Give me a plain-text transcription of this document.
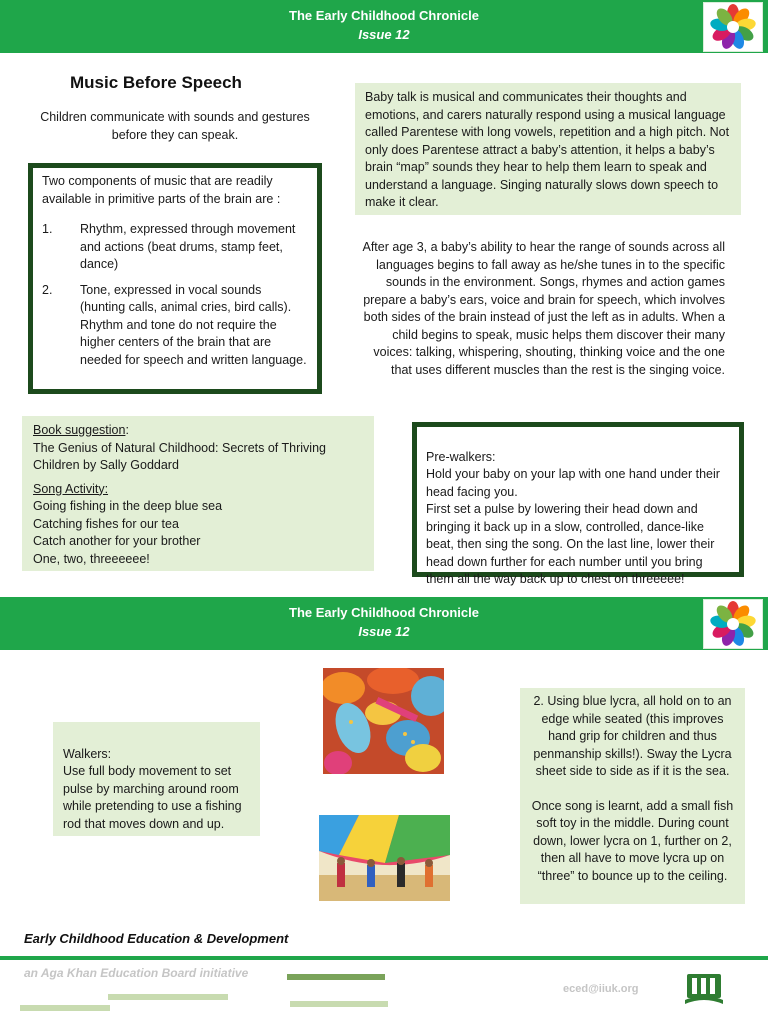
The Early Childhood Chronicle
Issue 12
Music Before Speech
Children communicate with sounds and gestures before they can speak.
Two components of music that are readily available in primitive parts of the brain are :
1. Rhythm, expressed through movement and actions (beat drums, stamp feet, dance)
2. Tone, expressed in vocal sounds (hunting calls, animal cries, bird calls). Rhythm and tone do not require the higher centers of the brain that are needed for speech and written language.
Baby talk is musical and communicates their thoughts and emotions, and carers naturally respond using a musical language called Parentese with long vowels, repetition and a high pitch. Not only does Parentese attract a baby’s attention, it helps a baby’s brain “map” sounds they hear to help them learn to speak and understand a language. Singing naturally slows down speech to make it clear.
After age 3, a baby’s ability to hear the range of sounds across all languages begins to fall away as he/she tunes in to the specific sounds in the environment. Songs, rhymes and action games prepare a baby’s ears, voice and brain for speech, which involves both sides of the brain instead of just the left as in adults. When a child begins to speak, music helps them discover their many voices: talking, whispering, shouting, thinking voice and the one that uses different muscles than the rest is the singing voice.
Book suggestion:
The Genius of Natural Childhood: Secrets of Thriving Children by Sally Goddard
Song Activity:
Going fishing in the deep blue sea
Catching fishes for our tea
Catch another for your brother
One, two, threeeeee!

Pre-walkers:
Hold your baby on your lap with one hand under their head facing you.
First set a pulse by lowering their head down and bringing it back up in a slow, controlled, dance-like beat, then sing the song. On the last line, lower their head down further for each number until you bring them all the way back up to chest on threeeee!

The Early Childhood Chronicle
Issue 12

Walkers:
Use full body movement to set pulse by marching around room while pretending to use a fishing rod that moves down and up.

2. Using blue lycra, all hold on to an edge while seated (this improves hand grip for children and thus penmanship skills!). Sway the Lycra sheet side to side as if it is the sea.
Once song is learnt, add a small fish soft toy in the middle. During count down, lower lycra on 1, further on 2, then all have to move lycra up on “three” to bounce up to the ceiling.
Early Childhood Education & Development
an Aga Khan Education Board initiative
eced@iiuk.org
